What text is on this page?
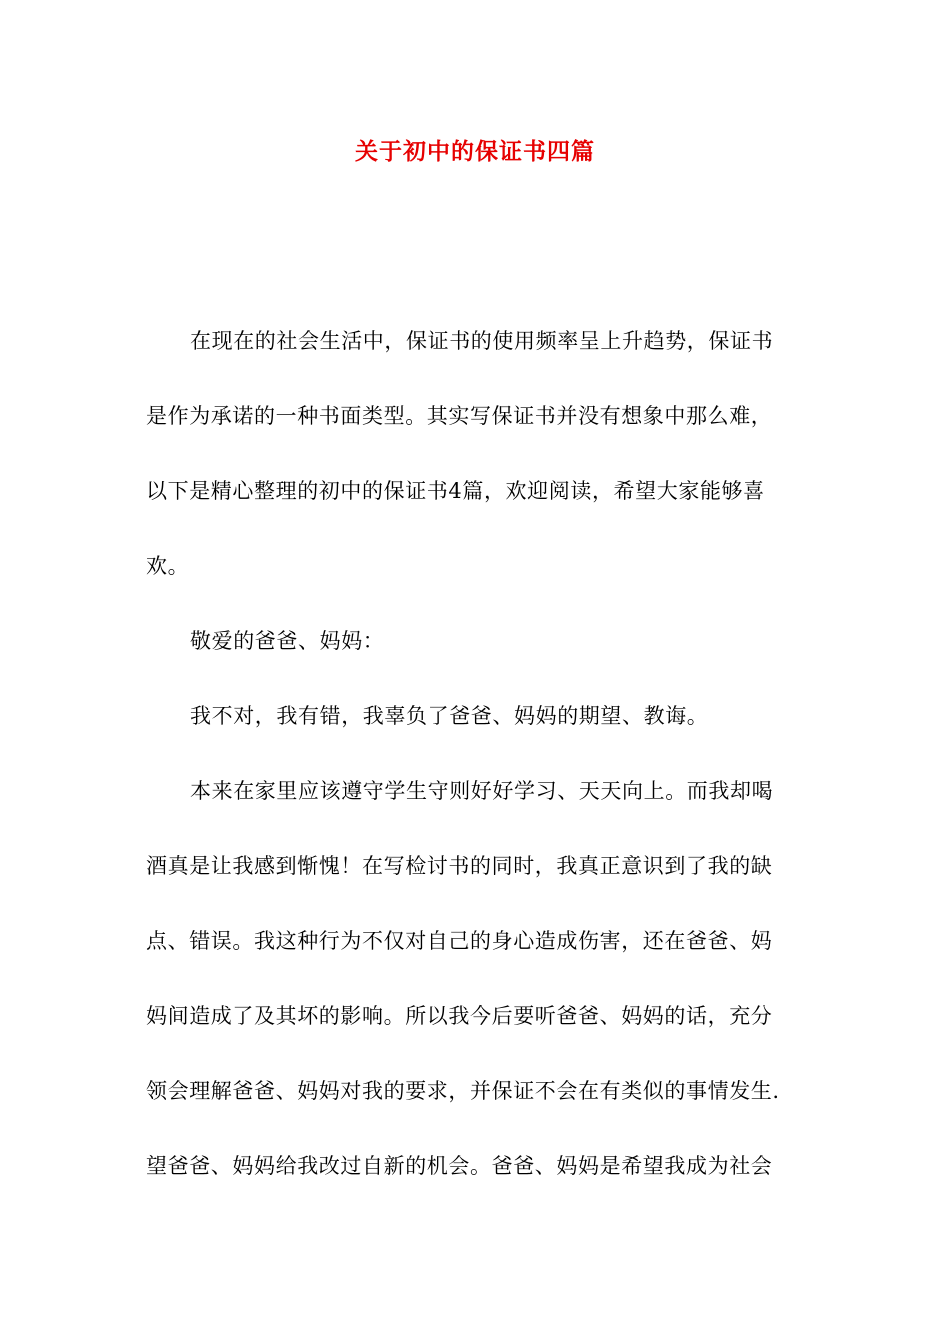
关于初中的保证书四篇
在现在的社会生活中，保证书的使用频率呈上升趋势，保证书
是作为承诺的一种书面类型。其实写保证书并没有想象中那么难，
以下是精心整理的初中的保证书4篇，欢迎阅读，希望大家能够喜
欢。
敬爱的爸爸、妈妈：
我不对，我有错，我辜负了爸爸、妈妈的期望、教诲。
本来在家里应该遵守学生守则好好学习、天天向上。而我却喝
酒真是让我感到惭愧！在写检讨书的同时，我真正意识到了我的缺
点、错误。我这种行为不仅对自己的身心造成伤害，还在爸爸、妈
妈间造成了及其坏的影响。所以我今后要听爸爸、妈妈的话，充分
领会理解爸爸、妈妈对我的要求，并保证不会在有类似的事情发生.
望爸爸、妈妈给我改过自新的机会。爸爸、妈妈是希望我成为社会
